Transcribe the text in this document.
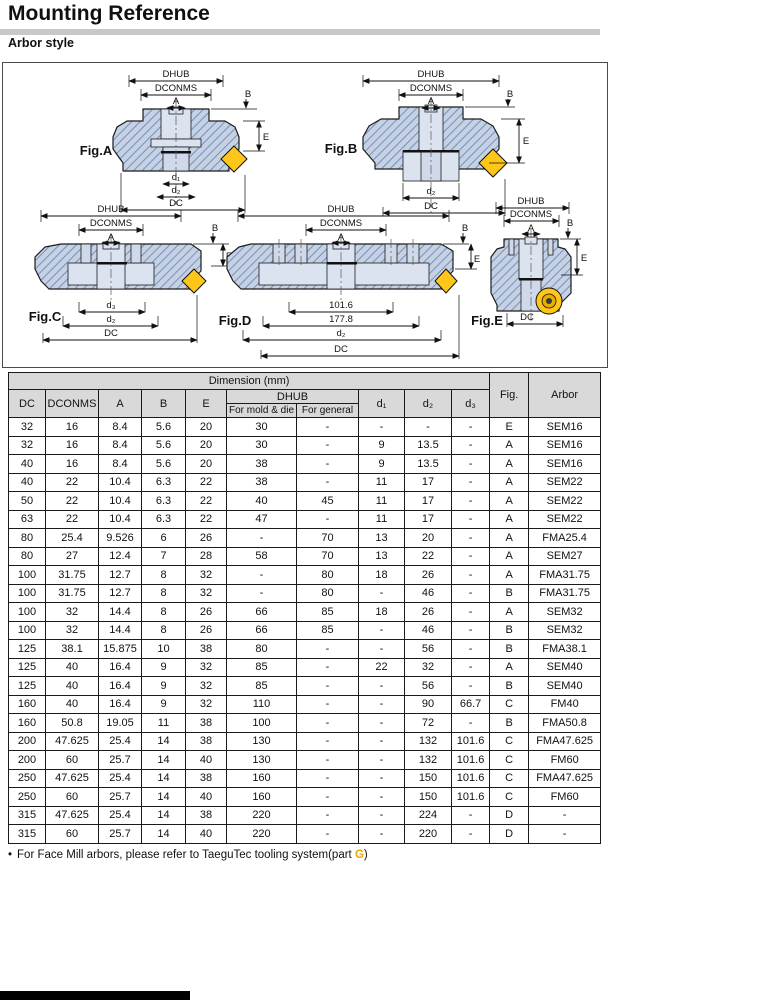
Mounting Reference
Arbor style
DHUB
DCONMS
A
B
E
d₁
d₂
DC
Fig.A
DHUB
DCONMS
A
B
E
d₂
DC
Fig.B
DHUB
DCONMS
A
B
d₃
d₂
DC
Fig.C
DHUB
DCONMS
A
B
E
101.6
177.8
d₂
DC
Fig.D
DHUB
DCONMS
A	B
E
DC
Fig.E
Dimension (mm)										Fig.	Arbor
DC	DCONMS	A	B	E	DHUB		d₁	d₂	d₃		
					For mold & die	For general					
32	16	8.4	5.6	20	30	-	-	-	-	E	SEM16
32	16	8.4	5.6	20	30	-	9	13.5	-	A	SEM16
40	16	8.4	5.6	20	38	-	9	13.5	-	A	SEM16
40	22	10.4	6.3	22	38	-	11	17	-	A	SEM22
50	22	10.4	6.3	22	40	45	11	17	-	A	SEM22
63	22	10.4	6.3	22	47	-	11	17	-	A	SEM22
80	25.4	9.526	6	26	-	70	13	20	-	A	FMA25.4
80	27	12.4	7	28	58	70	13	22	-	A	SEM27
100	31.75	12.7	8	32	-	80	18	26	-	A	FMA31.75
100	31.75	12.7	8	32	-	80	-	46	-	B	FMA31.75
100	32	14.4	8	26	66	85	18	26	-	A	SEM32
100	32	14.4	8	26	66	85	-	46	-	B	SEM32
125	38.1	15.875	10	38	80	-	-	56	-	B	FMA38.1
125	40	16.4	9	32	85	-	22	32	-	A	SEM40
125	40	16.4	9	32	85	-	-	56	-	B	SEM40
160	40	16.4	9	32	110	-	-	90	66.7	C	FM40
160	50.8	19.05	11	38	100	-	-	72	-	B	FMA50.8
200	47.625	25.4	14	38	130	-	-	132	101.6	C	FMA47.625
200	60	25.7	14	40	130	-	-	132	101.6	C	FM60
250	47.625	25.4	14	38	160	-	-	150	101.6	C	FMA47.625
250	60	25.7	14	40	160	-	-	150	101.6	C	FM60
315	47.625	25.4	14	38	220	-	-	224	-	D	-
315	60	25.7	14	40	220	-	-	220	-	D	-
• For Face Mill arbors, please refer to TaeguTec tooling system(part G)
